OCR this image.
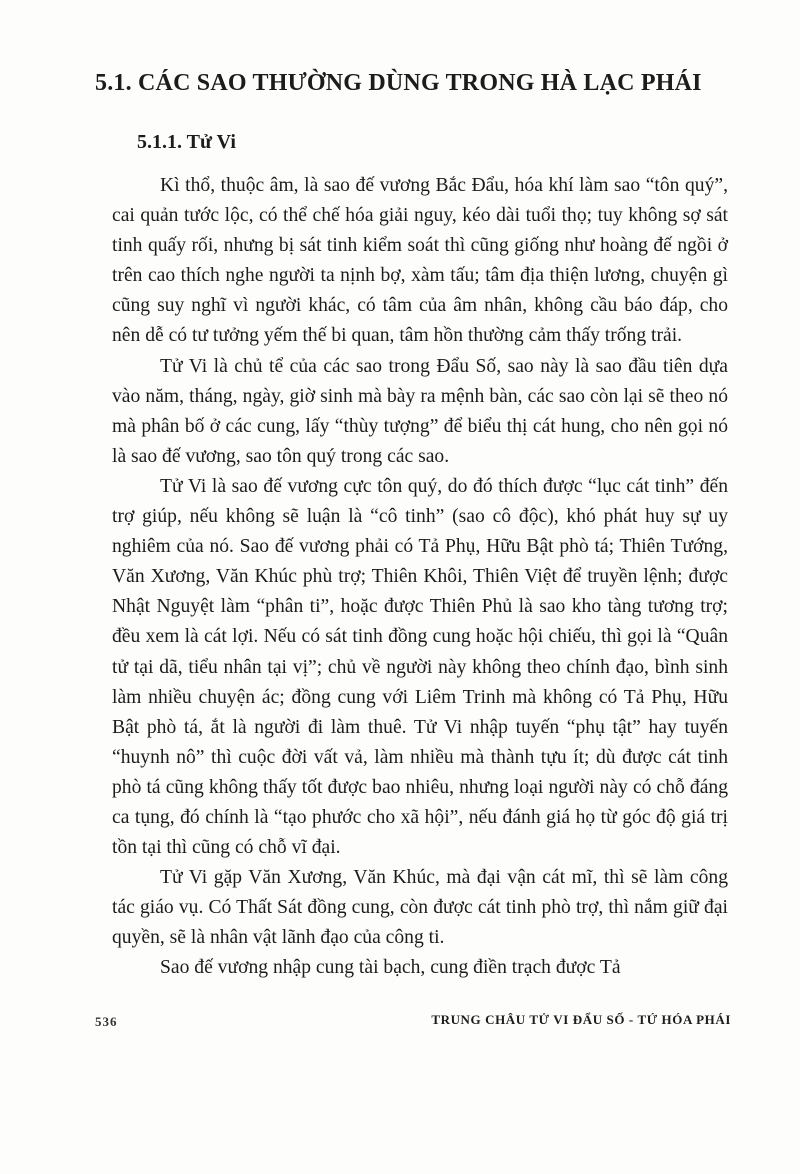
5.1. CÁC SAO THƯỜNG DÙNG TRONG HÀ LẠC PHÁI
5.1.1. Tử Vi

Kì thổ, thuộc âm, là sao đế vương Bắc Đẩu, hóa khí làm sao “tôn quý”, cai quản tước lộc, có thể chế hóa giải nguy, kéo dài tuổi thọ; tuy không sợ sát tinh quấy rối, nhưng bị sát tinh kiểm soát thì cũng giống như hoàng đế ngồi ở trên cao thích nghe người ta nịnh bợ, xàm tấu; tâm địa thiện lương, chuyện gì cũng suy nghĩ vì người khác, có tâm của âm nhân, không cầu báo đáp, cho nên dễ có tư tưởng yếm thế bi quan, tâm hồn thường cảm thấy trống trải.

Tử Vi là chủ tể của các sao trong Đẩu Số, sao này là sao đầu tiên dựa vào năm, tháng, ngày, giờ sinh mà bày ra mệnh bàn, các sao còn lại sẽ theo nó mà phân bố ở các cung, lấy “thùy tượng” để biểu thị cát hung, cho nên gọi nó là sao đế vương, sao tôn quý trong các sao.

Tử Vi là sao đế vương cực tôn quý, do đó thích được “lục cát tinh” đến trợ giúp, nếu không sẽ luận là “cô tinh” (sao cô độc), khó phát huy sự uy nghiêm của nó. Sao đế vương phải có Tả Phụ, Hữu Bật phò tá; Thiên Tướng, Văn Xương, Văn Khúc phù trợ; Thiên Khôi, Thiên Việt để truyền lệnh; được Nhật Nguyệt làm “phân ti”, hoặc được Thiên Phủ là sao kho tàng tương trợ; đều xem là cát lợi. Nếu có sát tinh đồng cung hoặc hội chiếu, thì gọi là “Quân tử tại dã, tiểu nhân tại vị”; chủ về người này không theo chính đạo, bình sinh làm nhiều chuyện ác; đồng cung với Liêm Trinh mà không có Tả Phụ, Hữu Bật phò tá, ắt là người đi làm thuê. Tử Vi nhập tuyến “phụ tật” hay tuyến “huynh nô” thì cuộc đời vất vả, làm nhiều mà thành tựu ít; dù được cát tinh phò tá cũng không thấy tốt được bao nhiêu, nhưng loại người này có chỗ đáng ca tụng, đó chính là “tạo phước cho xã hội”, nếu đánh giá họ từ góc độ giá trị tồn tại thì cũng có chỗ vĩ đại.

Tử Vi gặp Văn Xương, Văn Khúc, mà đại vận cát mĩ, thì sẽ làm công tác giáo vụ. Có Thất Sát đồng cung, còn được cát tinh phò trợ, thì nắm giữ đại quyền, sẽ là nhân vật lãnh đạo của công ti.

Sao đế vương nhập cung tài bạch, cung điền trạch được Tả

536	TRUNG CHÂU TỬ VI ĐẨU SỐ - TỨ HÓA PHÁI
